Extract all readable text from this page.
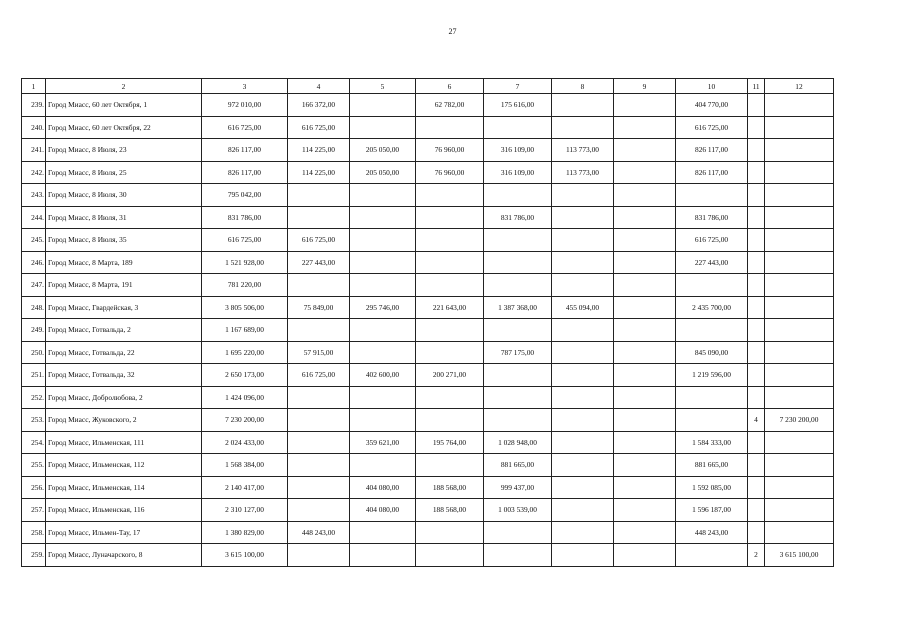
27
1	2	3	4	5	6	7	8	9	10	11	12
239.	Город Миасс, 60 лет Октября, 1	972 010,00	166 372,00		62 782,00	175 616,00			404 770,00		
240.	Город Миасс, 60 лет Октября, 22	616 725,00	616 725,00						616 725,00		
241.	Город Миасс, 8 Июля, 23	826 117,00	114 225,00	205 050,00	76 960,00	316 109,00	113 773,00		826 117,00		
242.	Город Миасс, 8 Июля, 25	826 117,00	114 225,00	205 050,00	76 960,00	316 109,00	113 773,00		826 117,00		
243.	Город Миасс, 8 Июля, 30	795 042,00									
244.	Город Миасс, 8 Июля, 31	831 786,00				831 786,00			831 786,00		
245.	Город Миасс, 8 Июля, 35	616 725,00	616 725,00						616 725,00		
246.	Город Миасс, 8 Марта, 189	1 521 928,00	227 443,00						227 443,00		
247.	Город Миасс, 8 Марта, 191	781 220,00									
248.	Город Миасс, Гвардейская, 3	3 805 506,00	75 849,00	295 746,00	221 643,00	1 387 368,00	455 094,00		2 435 700,00		
249.	Город Миасс, Готвальда, 2	1 167 689,00									
250.	Город Миасс, Готвальда, 22	1 695 220,00	57 915,00			787 175,00			845 090,00		
251.	Город Миасс, Готвальда, 32	2 650 173,00	616 725,00	402 600,00	200 271,00				1 219 596,00		
252.	Город Миасс, Добролюбова, 2	1 424 096,00									
253.	Город Миасс, Жуковского, 2	7 230 200,00								4	7 230 200,00
254.	Город Миасс, Ильменская, 111	2 024 433,00		359 621,00	195 764,00	1 028 948,00			1 584 333,00		
255.	Город Миасс, Ильменская, 112	1 568 384,00				881 665,00			881 665,00		
256.	Город Миасс, Ильменская, 114	2 140 417,00		404 080,00	188 568,00	999 437,00			1 592 085,00		
257.	Город Миасс, Ильменская, 116	2 310 127,00		404 080,00	188 568,00	1 003 539,00			1 596 187,00		
258.	Город Миасс, Ильмен-Тау, 17	1 380 829,00	448 243,00						448 243,00		
259.	Город Миасс, Луначарского, 8	3 615 100,00								2	3 615 100,00
